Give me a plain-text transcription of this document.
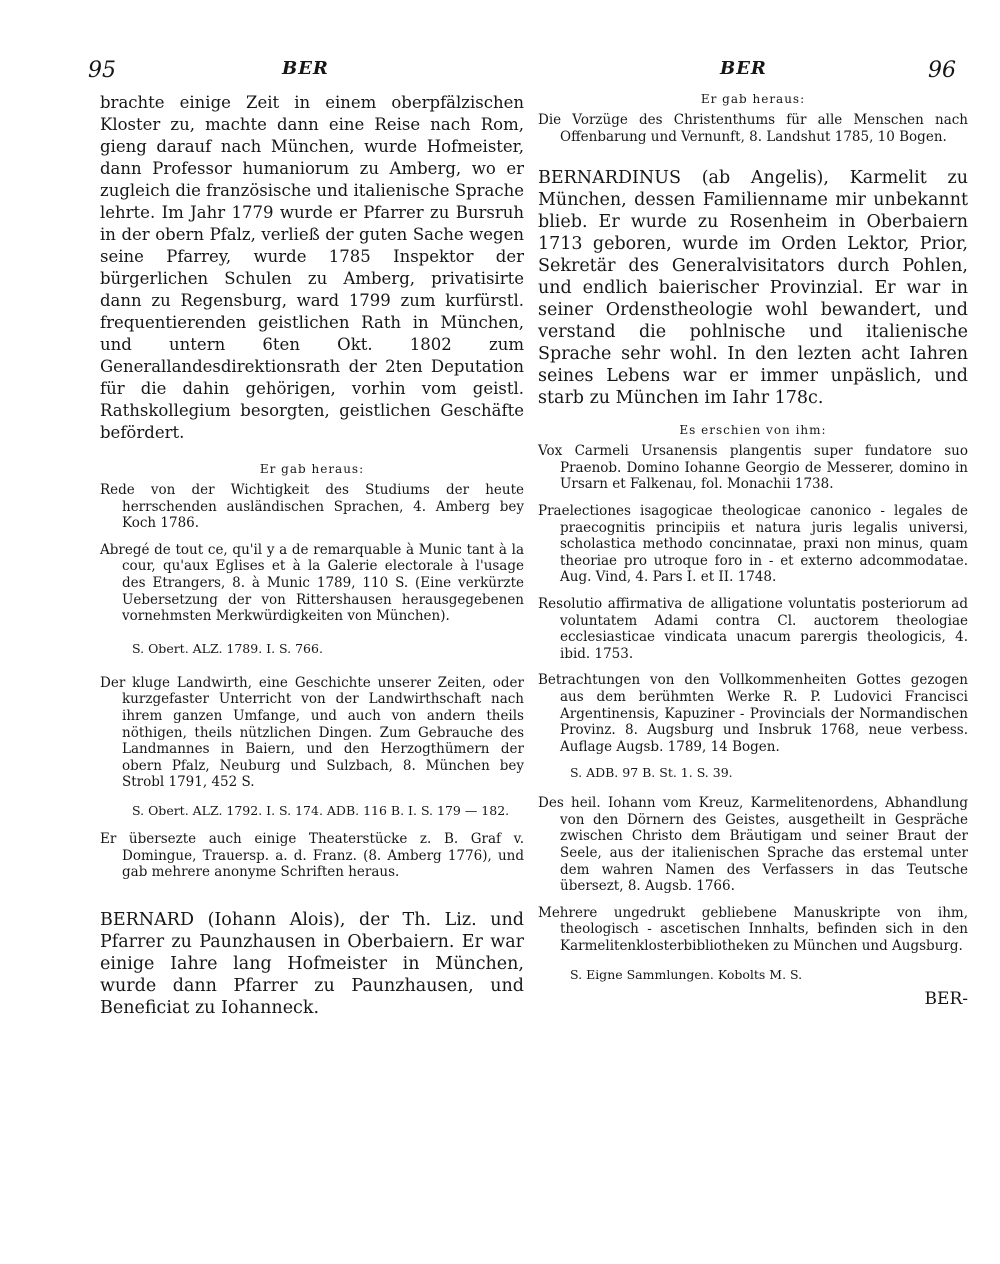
95	BER	BER	96

brachte einige Zeit in einem oberpfälzischen Kloster zu, machte dann eine Reise nach Rom, gieng darauf nach München, wurde Hofmeister, dann Professor humaniorum zu Amberg, wo er zugleich die französische und italienische Sprache lehrte. Im Jahr 1779 wurde er Pfarrer zu Bursruh in der obern Pfalz, verließ der guten Sache wegen seine Pfarrey, wurde 1785 Inspektor der bürgerlichen Schulen zu Amberg, privatisirte dann zu Regensburg, ward 1799 zum kurfürstl. frequentierenden geistlichen Rath in München, und untern 6ten Okt. 1802 zum Generallandesdirektionsrath der 2ten Deputation für die dahin gehörigen, vorhin vom geistl. Rathskollegium besorgten, geistlichen Geschäfte befördert.

Er gab heraus:

Rede von der Wichtigkeit des Studiums der heute herrschenden ausländischen Sprachen, 4. Amberg bey Koch 1786.

Abregé de tout ce, qu'il y a de remarquable à Munic tant à la cour, qu'aux Eglises et à la Galerie electorale à l'usage des Etrangers, 8. à Munic 1789, 110 S. (Eine verkürzte Uebersetzung der von Rittershausen herausgegebenen vornehmsten Merkwürdigkeiten von München).

S. Obert. ALZ. 1789. I. S. 766.

Der kluge Landwirth, eine Geschichte unserer Zeiten, oder kurzgefaster Unterricht von der Landwirthschaft nach ihrem ganzen Umfange, und auch von andern theils nöthigen, theils nützlichen Dingen. Zum Gebrauche des Landmannes in Baiern, und den Herzogthümern der obern Pfalz, Neuburg und Sulzbach, 8. München bey Strobl 1791, 452 S.

S. Obert. ALZ. 1792. I. S. 174. ADB. 116 B. I. S. 179 — 182.

Er übersezte auch einige Theaterstücke z. B. Graf v. Domingue, Trauersp. a. d. Franz. (8. Amberg 1776), und gab mehrere anonyme Schriften heraus.

BERNARD (Iohann Alois), der Th. Liz. und Pfarrer zu Paunzhausen in Oberbaiern. Er war einige Iahre lang Hofmeister in München, wurde dann Pfarrer zu Paunzhausen, und Beneficiat zu Iohanneck.

Er gab heraus:

Die Vorzüge des Christenthums für alle Menschen nach Offenbarung und Vernunft, 8. Landshut 1785, 10 Bogen.

BERNARDINUS (ab Angelis), Karmelit zu München, dessen Familienname mir unbekannt blieb. Er wurde zu Rosenheim in Oberbaiern 1713 geboren, wurde im Orden Lektor, Prior, Sekretär des Generalvisitators durch Pohlen, und endlich baierischer Provinzial. Er war in seiner Ordenstheologie wohl bewandert, und verstand die pohlnische und italienische Sprache sehr wohl. In den lezten acht Iahren seines Lebens war er immer unpäslich, und starb zu München im Iahr 178c.

Es erschien von ihm:

Vox Carmeli Ursanensis plangentis super fundatore suo Praenob. Domino Iohanne Georgio de Messerer, domino in Ursarn et Falkenau, fol. Monachii 1738.

Praelectiones isagogicae theologicae canonico - legales de praecognitis principiis et natura juris legalis universi, scholastica methodo concinnatae, praxi non minus, quam theoriae pro utroque foro in - et externo adcommodatae. Aug. Vind, 4. Pars I. et II. 1748.

Resolutio affirmativa de alligatione voluntatis posteriorum ad voluntatem Adami contra Cl. auctorem theologiae ecclesiasticae vindicata unacum parergis theologicis, 4. ibid. 1753.

Betrachtungen von den Vollkommenheiten Gottes gezogen aus dem berühmten Werke R. P. Ludovici Francisci Argentinensis, Kapuziner - Provincials der Normandischen Provinz. 8. Augsburg und Insbruk 1768, neue verbess. Auflage Augsb. 1789, 14 Bogen.

S. ADB. 97 B. St. 1. S. 39.

Des heil. Iohann vom Kreuz, Karmelitenordens, Abhandlung von den Dörnern des Geistes, ausgetheilt in Gespräche zwischen Christo dem Bräutigam und seiner Braut der Seele, aus der italienischen Sprache das erstemal unter dem wahren Namen des Verfassers in das Teutsche übersezt, 8. Augsb. 1766.

Mehrere ungedrukt gebliebene Manuskripte von ihm, theologisch - ascetischen Innhalts, befinden sich in den Karmelitenklosterbibliotheken zu München und Augsburg.

S. Eigne Sammlungen. Kobolts M. S.

BER-
